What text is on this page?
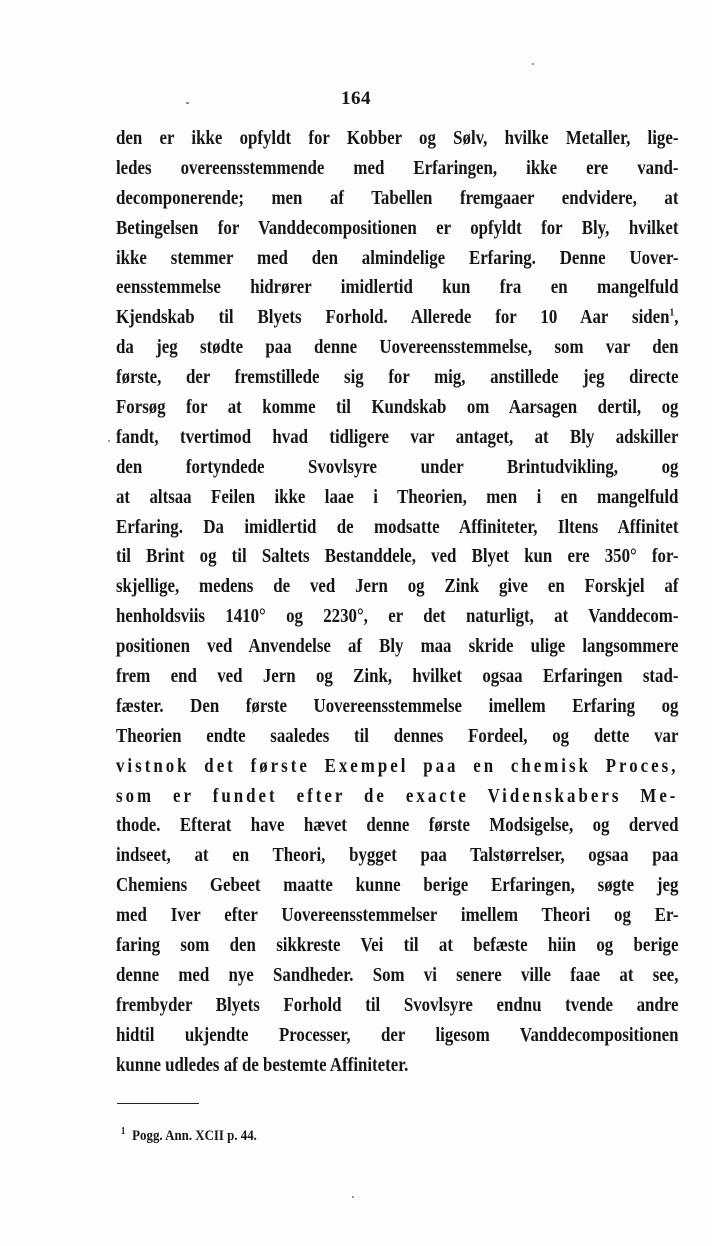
164
den er ikke opfyldt for Kobber og Sølv, hvilke Metaller, lige-
ledes overeensstemmende med Erfaringen, ikke ere vand-
decomponerende; men af Tabellen fremgaaer endvidere, at
Betingelsen for Vanddecompositionen er opfyldt for Bly, hvilket
ikke stemmer med den almindelige Erfaring. Denne Uover-
eensstemmelse hidrører imidlertid kun fra en mangelfuld
Kjendskab til Blyets Forhold. Allerede for 10 Aar siden$^1$,
da jeg stødte paa denne Uovereensstemmelse, som var den
første, der fremstillede sig for mig, anstillede jeg directe
Forsøg for at komme til Kundskab om Aarsagen dertil, og
fandt, tvertimod hvad tidligere var antaget, at Bly adskiller
den fortyndede Svovlsyre under Brintudvikling, og
at altsaa Feilen ikke laae i Theorien, men i en mangelfuld
Erfaring. Da imidlertid de modsatte Affiniteter, Iltens Affinitet
til Brint og til Saltets Bestanddele, ved Blyet kun ere 350° for-
skjellige, medens de ved Jern og Zink give en Forskjel af
henholdsviis 1410° og 2230°, er det naturligt, at Vanddecom-
positionen ved Anvendelse af Bly maa skride ulige langsommere
frem end ved Jern og Zink, hvilket ogsaa Erfaringen stad-
fæster. Den første Uovereensstemmelse imellem Erfaring og
Theorien endte saaledes til dennes Fordeel, og dette var
vistnok det første Exempel paa en chemisk Proces,
som er fundet efter de exacte Videnskabers Me-
thode. Efterat have hævet denne første Modsigelse, og derved
indseet, at en Theori, bygget paa Talstørrelser, ogsaa paa
Chemiens Gebeet maatte kunne berige Erfaringen, søgte jeg
med Iver efter Uovereensstemmelser imellem Theori og Er-
faring som den sikkreste Vei til at befæste hiin og berige
denne med nye Sandheder. Som vi senere ville faae at see,
frembyder Blyets Forhold til Svovlsyre endnu tvende andre
hidtil ukjendte Processer, der ligesom Vanddecompositionen
kunne udledes af de bestemte Affiniteter.
$^1$ Pogg. Ann. XCII p. 44.
